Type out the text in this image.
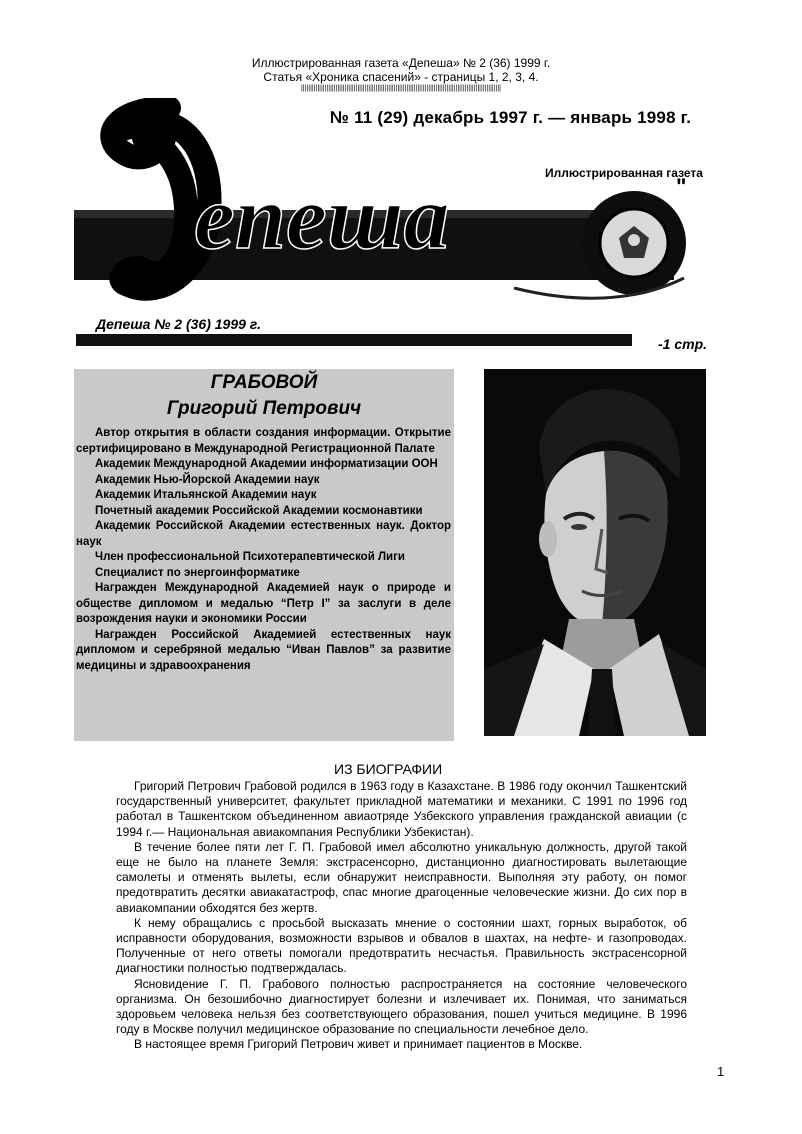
Иллюстрированная газета «Депеша» № 2 (36) 1999 г.
Статья «Хроника спасений» - страницы 1, 2, 3, 4.
||||||||||||||||||||||||||||||||||||||||||||||||||||||||||||||||||||||||||||||||||||||||||||||||||||||||||||||
епеша	"
№ 11 (29) декабрь 1997 г. — январь 1998 г.
Иллюстрированная газета
Депеша № 2 (36) 1999 г.
-1 стр.
ГРАБОВОЙ
Григорий Петрович

Автор открытия в области создания информации. Открытие сертифицировано в Международной Регистрационной Палате

Академик Международной Академии информатизации ООН

Академик Нью-Йорской Академии наук

Академик Итальянской Академии наук

Почетный академик Российской Академии космонавтики

Академик Российской Академии естественных наук. Доктор наук

Член профессиональной Психотерапевтической Лиги

Специалист по энергоинформатике

Награжден Международной Академией наук о природе и обществе дипломом и медалью “Петр I” за заслуги в деле возрождения науки и экономики России

Награжден Российской Академией естественных наук дипломом и серебряной медалью “Иван Павлов” за развитие медицины и здравоохранения

ИЗ БИОГРАФИИ

Григорий Петрович Грабовой родился в 1963 году в Казахстане. В 1986 году окончил Ташкентский государственный университет, факультет прикладной математики и механики. С 1991 по 1996 год работал в Ташкентском объединенном авиаотряде Узбекского управления гражданской авиации (с 1994 г.— Национальная авиакомпания Республики Узбекистан).

В течение более пяти лет Г. П. Грабовой имел абсолютно уникальную должность, другой такой еще не было на планете Земля: экстрасенсорно, дистанционно диагностировать вылетающие самолеты и отменять вылеты, если обнаружит неисправности. Выполняя эту работу, он помог предотвратить десятки авиакатастроф, спас многие драгоценные человеческие жизни. До сих пор в авиакомпании обходятся без жертв.

К нему обращались с просьбой высказать мнение о состоянии шахт, горных выработок, об исправности оборудования, возможности взрывов и обвалов в шахтах, на нефте- и газопроводах. Полученные от него ответы помогали предотвратить несчастья. Правильность экстрасенсорной диагностики полностью подтверждалась.

Ясновидение Г. П. Грабового полностью распространяется на состояние человеческого организма. Он безошибочно диагностирует болезни и излечивает их. Понимая, что заниматься здоровьем человека нельзя без соответствующего образования, пошел учиться медицине. В 1996 году в Москве получил медицинское образование по специальности лечебное дело.

В настоящее время Григорий Петрович живет и принимает пациентов в Москве.

1
